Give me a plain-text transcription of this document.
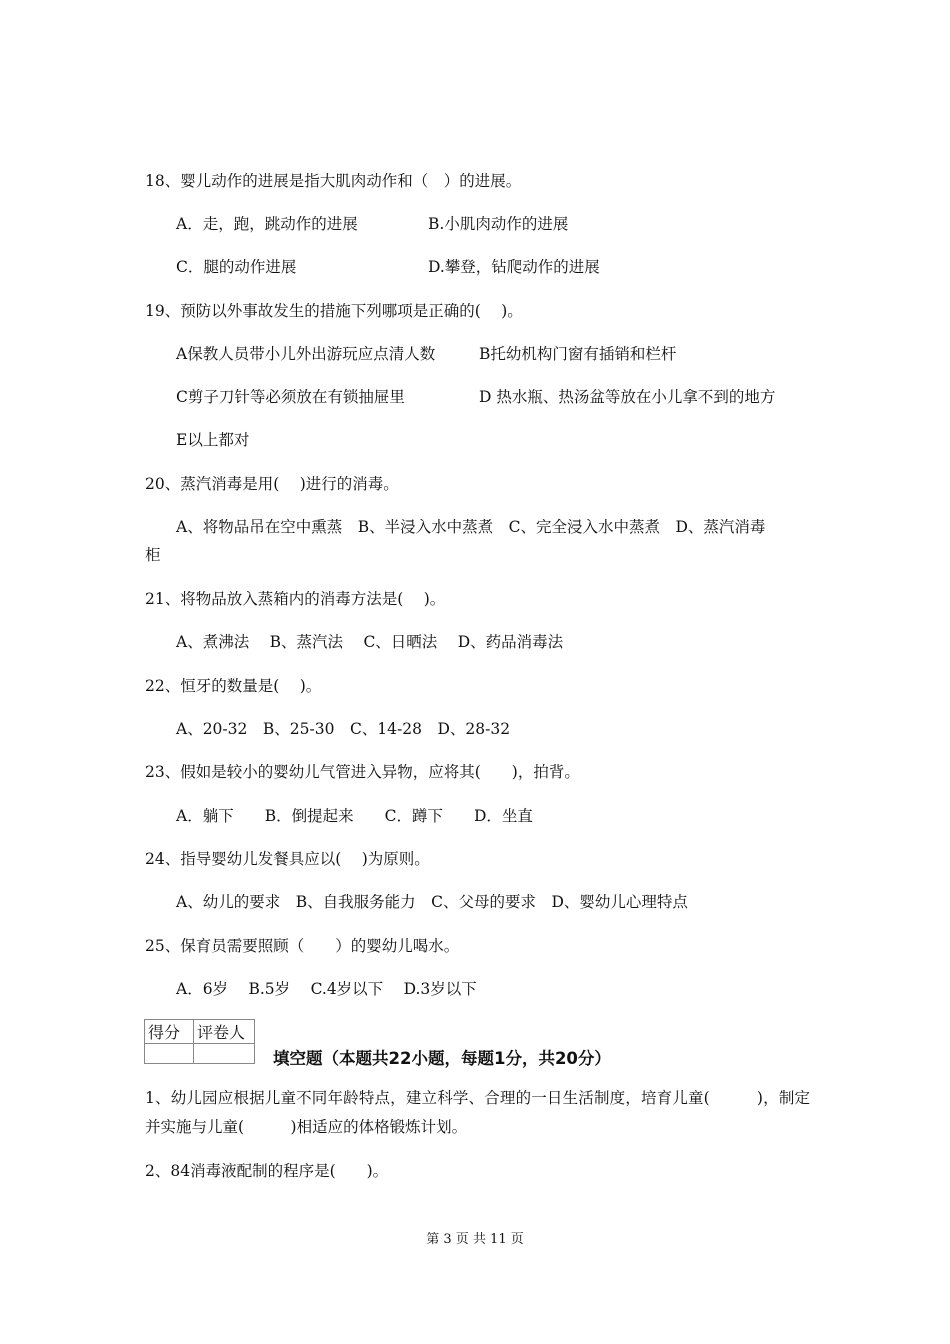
18、婴儿动作的进展是指大肌肉动作和（　）的进展。
A．走，跑，跳动作的进展	B.小肌肉动作的进展
C．腿的动作进展	D.攀登，钻爬动作的进展
19、预防以外事故发生的措施下列哪项是正确的(　 )。
A保教人员带小儿外出游玩应点清人数	B托幼机构门窗有插销和栏杆
C剪子刀针等必须放在有锁抽屉里	D 热水瓶、热汤盆等放在小儿拿不到的地方
E以上都对
20、蒸汽消毒是用(　 )进行的消毒。
A、将物品吊在空中熏蒸　B、半浸入水中蒸煮　C、完全浸入水中蒸煮　D、蒸汽消毒
柜
21、将物品放入蒸箱内的消毒方法是(　 )。
A、煮沸法　 B、蒸汽法　 C、日晒法　 D、药品消毒法
22、恒牙的数量是(　 )。
A、20-32　B、25-30　C、14-28　D、28-32
23、假如是较小的婴幼儿气管进入异物，应将其(　　)，拍背。
A．躺下　　B．倒提起来　　C．蹲下　　D．坐直
24、指导婴幼儿发餐具应以(　 )为原则。
A、幼儿的要求　B、自我服务能力　C、父母的要求　D、婴幼儿心理特点
25、保育员需要照顾（　　）的婴幼儿喝水。
A．6岁　 B.5岁　 C.4岁以下　 D.3岁以下
得分	评卷人

填空题（本题共22小题，每题1分，共20分）
1、幼儿园应根据儿童不同年龄特点，建立科学、合理的一日生活制度，培育儿童(　　　)，制定并实施与儿童(　　　)相适应的体格锻炼计划。
2、84消毒液配制的程序是(　　)。
第 3 页 共 11 页
